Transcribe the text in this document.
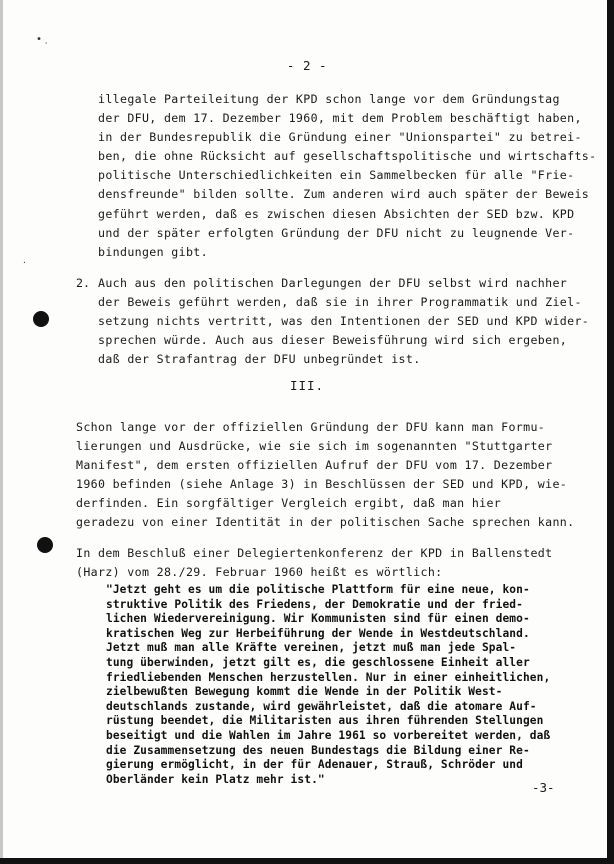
• '
·
- 2 -
illegale Parteileitung der KPD schon lange vor dem Gründungstag
der DFU, dem 17. Dezember 1960, mit dem Problem beschäftigt haben,
in der Bundesrepublik die Gründung einer "Unionspartei" zu betrei-
ben, die ohne Rücksicht auf gesellschaftspolitische und wirtschafts-
politische Unterschiedlichkeiten ein Sammelbecken für alle "Frie-
densfreunde" bilden sollte. Zum anderen wird auch später der Beweis
geführt werden, daß es zwischen diesen Absichten der SED bzw. KPD
und der später erfolgten Gründung der DFU nicht zu leugnende Ver-
bindungen gibt.
2. Auch aus den politischen Darlegungen der DFU selbst wird nachher
der Beweis geführt werden, daß sie in ihrer Programmatik und Ziel-
setzung nichts vertritt, was den Intentionen der SED und KPD wider-
sprechen würde. Auch aus dieser Beweisführung wird sich ergeben,
daß der Strafantrag der DFU unbegründet ist.
III.
Schon lange vor der offiziellen Gründung der DFU kann man Formu-
lierungen und Ausdrücke, wie sie sich im sogenannten "Stuttgarter
Manifest", dem ersten offiziellen Aufruf der DFU vom 17. Dezember
1960 befinden (siehe Anlage 3) in Beschlüssen der SED und KPD, wie-
derfinden. Ein sorgfältiger Vergleich ergibt, daß man hier
geradezu von einer Identität in der politischen Sache sprechen kann.
In dem Beschluß einer Delegiertenkonferenz der KPD in Ballenstedt
(Harz) vom 28./29. Februar 1960 heißt es wörtlich:
"Jetzt geht es um die politische Plattform für eine neue, kon-
struktive Politik des Friedens, der Demokratie und der fried-
lichen Wiedervereinigung. Wir Kommunisten sind für einen demo-
kratischen Weg zur Herbeiführung der Wende in Westdeutschland.
Jetzt muß man alle Kräfte vereinen, jetzt muß man jede Spal-
tung überwinden, jetzt gilt es, die geschlossene Einheit aller
friedliebenden Menschen herzustellen. Nur in einer einheitlichen,
zielbewußten Bewegung kommt die Wende in der Politik West-
deutschlands zustande, wird gewährleistet, daß die atomare Auf-
rüstung beendet, die Militaristen aus ihren führenden Stellungen
beseitigt und die Wahlen im Jahre 1961 so vorbereitet werden, daß
die Zusammensetzung des neuen Bundestags die Bildung einer Re-
gierung ermöglicht, in der für Adenauer, Strauß, Schröder und
Oberländer kein Platz mehr ist."
-3-
